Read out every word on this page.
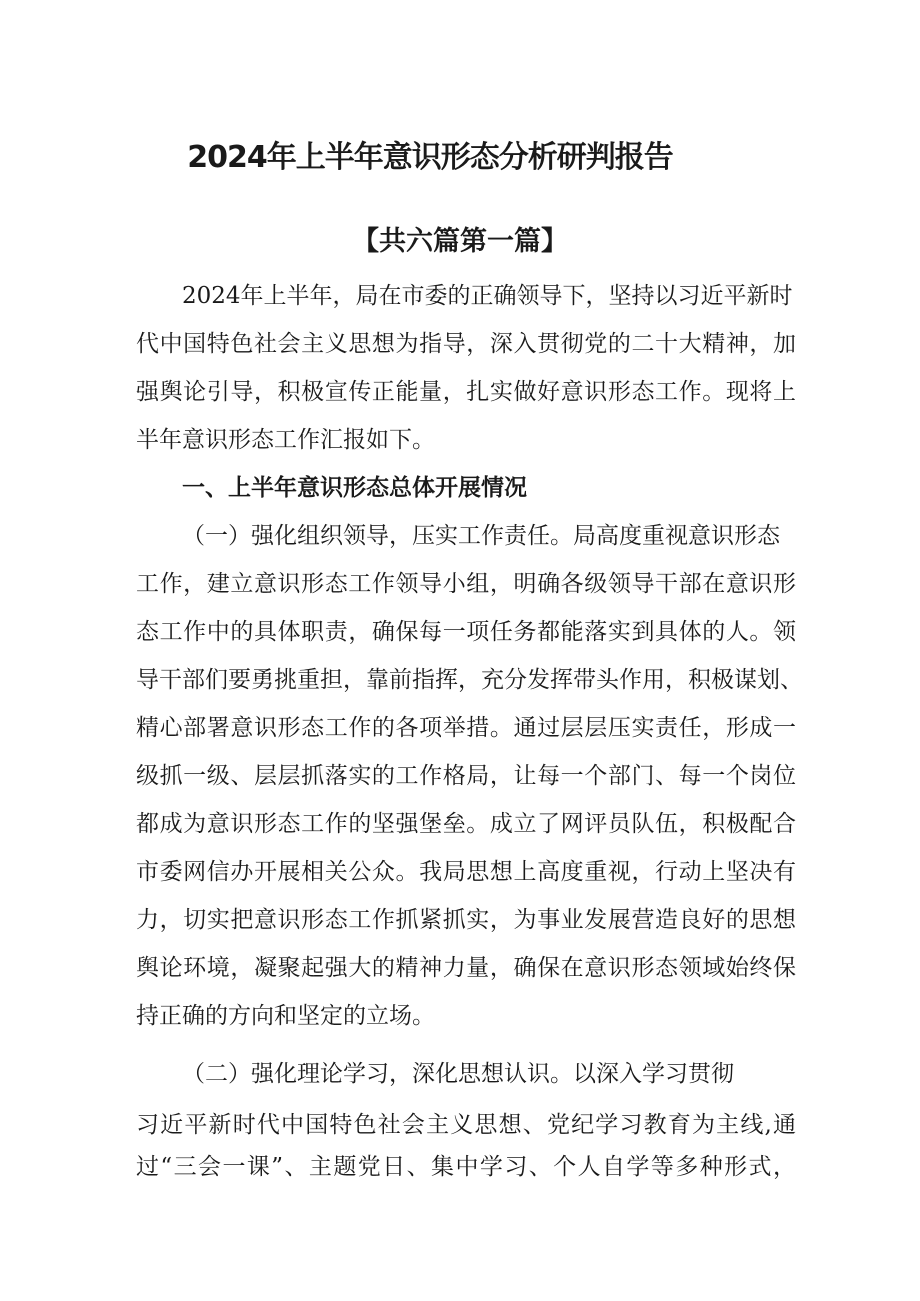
2024年上半年意识形态分析研判报告
【共六篇第一篇】
2024年上半年，局在市委的正确领导下，坚持以习近平新时
代中国特色社会主义思想为指导，深入贯彻党的二十大精神，加
强舆论引导，积极宣传正能量，扎实做好意识形态工作。现将上
半年意识形态工作汇报如下。
一、上半年意识形态总体开展情况
（一）强化组织领导，压实工作责任。局高度重视意识形态
工作，建立意识形态工作领导小组，明确各级领导干部在意识形
态工作中的具体职责，确保每一项任务都能落实到具体的人。领
导干部们要勇挑重担，靠前指挥，充分发挥带头作用，积极谋划、
精心部署意识形态工作的各项举措。通过层层压实责任，形成一
级抓一级、层层抓落实的工作格局，让每一个部门、每一个岗位
都成为意识形态工作的坚强堡垒。成立了网评员队伍，积极配合
市委网信办开展相关公众。我局思想上高度重视，行动上坚决有
力，切实把意识形态工作抓紧抓实，为事业发展营造良好的思想
舆论环境，凝聚起强大的精神力量，确保在意识形态领域始终保
持正确的方向和坚定的立场。
（二）强化理论学习，深化思想认识。以深入学习贯彻
习近平新时代中国特色社会主义思想、党纪学习教育为主线,通
过“三会一课”、主题党日、集中学习、个人自学等多种形式，
